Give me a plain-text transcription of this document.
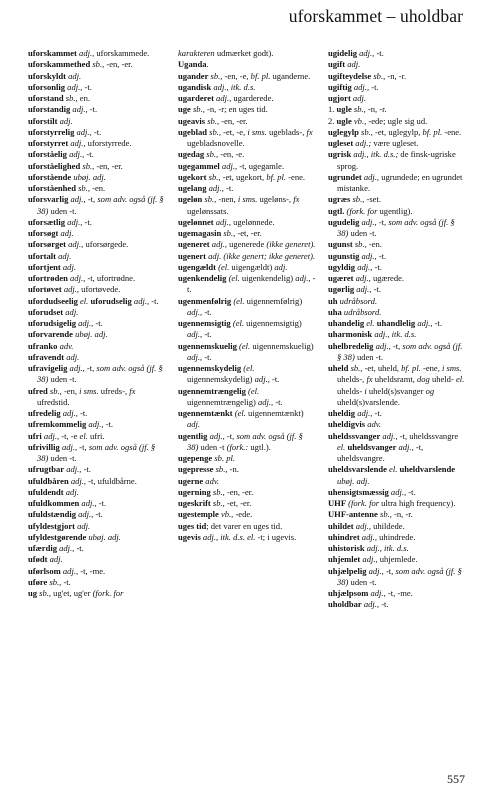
uforskammet – uholdbar

uforskammet adj., uforskammede.

uforskammethed sb., -en, -er.

uforskyldt adj.

uforsonlig adj., -t.

uforstand sb., en.

uforstandig adj., -t.

uforstilt adj.

uforstyrrelig adj., -t.

uforstyrret adj., uforstyrrede.

uforståelig adj., -t.

uforståelighed sb., -en, -er.

uforstående ubøj. adj.

uforståenhed sb., -en.

uforsvarlig adj., -t, som adv. også (jf. § 38) uden -t.

uforsætlig adj., -t.

uforsøgt adj.

uforsørget adj., uforsørgede.

ufortalt adj.

ufortjent adj.

ufortrøden adj., -t, ufortrødne.

ufortøvet adj., ufortøvede.

ufordudseelig el. uforudselig adj., -t.

uforudset adj.

uforudsigelig adj., -t.

uforvarende ubøj. adj.

ufranko adv.

ufravendt adj.

ufravigelig adj., -t, som adv. også (jf. § 38) uden -t.

ufred sb., -en, i sms. ufreds-, fx ufredstid.

ufredelig adj., -t.

ufremkommelig adj., -t.

ufri adj., -t, -e el. ufri.

ufrivillig adj., -t, som adv. også (jf. § 38) uden -t.

ufrugtbar adj., -t.

ufuldbåren adj., -t, ufuldbårne.

ufuldendt adj.

ufuldkommen adj., -t.

ufuldstændig adj., -t.

ufyldestgjort adj.

ufyldestgørende ubøj. adj.

ufærdig adj., -t.

ufødt adj.

uførlsom adj., -t, -me.

uføre sb., -t.

ug sb., ug'et, ug'er (fork. for

karakteren udmærket godt).

Uganda.

ugander sb., -en, -e, bf. pl. uganderne.

ugandisk adj., itk. d.s.

ugarderet adj., ugarderede.

uge sb., -n, -r; en uges tid.

ugeavis sb., -en, -er.

ugeblad sb., -et, -e, i sms. ugeblads-, fx ugebladsnovelle.

ugedag sb., -en, -e.

ugegammel adj., -t, ugegamle.

ugekort sb., -et, ugekort, bf. pl. -ene.

ugelang adj., -t.

ugeløn sb., -nen, i sms. ugeløns-, fx ugelønssats.

ugelønnet adj., ugelønnede.

ugemagasin sb., -et, -er.

ugeneret adj., ugenerede (ikke generet).

ugenert adj. (ikke genert; ikke generet).

ugengældt (el. uigengældt) adj.

ugenkendelig (el. uigenkendelig) adj., -t.

ugenmenfølrig (el. uigennemfølrig) adj., -t.

ugennemsigtig (el. uigennemsigtig) adj., -t.

ugennemskuelig (el. uigennemskuelig) adj., -t.

ugennemskydelig (el. uigennemskydelig) adj., -t.

ugennemtrængelig (el. uigennemtrængelig) adj., -t.

ugennemtænkt (el. uigennemtænkt) adj.

ugentlig adj., -t, som adv. også (jf. § 38) uden -t (fork.: ugtl.).

ugepenge sb. pl.

ugepresse sb., -n.

ugerne adv.

ugerning sb., -en, -er.

ugeskrift sb., -et, -er.

ugestemple vb., -ede.

uges tid; det varer en uges tid.

ugevis adj., itk. d.s. el. -t; i ugevis.

ugidelig adj., -t.

ugift adj.

ugifteydelse sb., -n, -r.

ugiftig adj., -t.

ugjort adj.

1. ugle sb., -n, -r.

2. ugle vb., -ede; ugle sig ud.

uglegylp sb., -et, uglegylp, bf. pl. -ene.

ugleset adj.; være ugleset.

ugrisk adj., itk. d.s.; de finsk-ugriske sprog.

ugrundet adj., ugrundede; en ugrundet mistanke.

ugræs sb., -set.

ugtl. (fork. for ugentlig).

ugudelig adj., -t, som adv. også (jf. § 38) uden -t.

ugunst sb., -en.

ugunstig adj., -t.

ugyldig adj., -t.

ugæret adj., ugærede.

ugørlig adj., -t.

uh udråbsord.

uha udråbsord.

uhandelig el. uhandlelig adj., -t.

uharmonisk adj., itk. d.s.

uhelbredelig adj., -t, som adv. også (jf. § 38) uden -t.

uheld sb., -et, uheld, bf. pl. -ene, i sms. uhelds-, fx uheldsramt, dog uheld- el. uhelds- i uheld(s)svanger og uheld(s)varslende.

uheldig adj., -t.

uheldigvis adv.

uheldssvanger adj., -t, uheldssvangre el. uheldsvanger adj., -t, uheldsvangre.

uheldsvarslende el. uheldvarslende ubøj. adj.

uhensigtsmæssig adj., -t.

UHF (fork. for ultra high frequency).

UHF-antenne sb., -n, -r.

uhildet adj., uhildede.

uhindret adj., uhindrede.

uhistorisk adj., itk. d.s.

uhjemlet adj., uhjemlede.

uhjælpelig adj., -t, som adv. også (jf. § 38) uden -t.

uhjælpsom adj., -t, -me.

uholdbar adj., -t.

557
